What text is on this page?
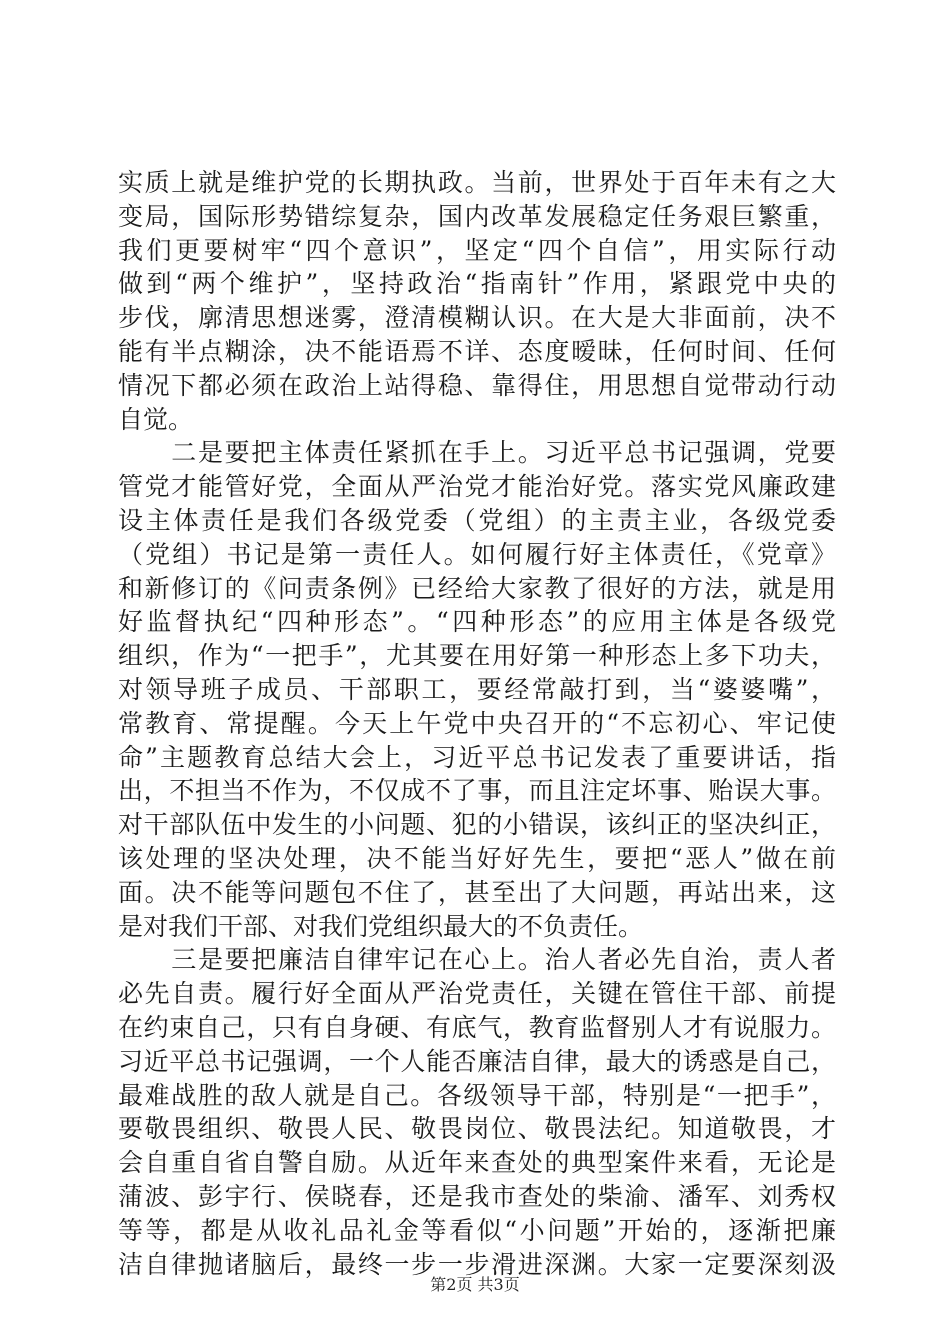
实质上就是维护党的长期执政。当前，世界处于百年未有之大
变局，国际形势错综复杂，国内改革发展稳定任务艰巨繁重，
我们更要树牢“四个意识”，坚定“四个自信”，用实际行动
做到“两个维护”，坚持政治“指南针”作用，紧跟党中央的
步伐，廓清思想迷雾，澄清模糊认识。在大是大非面前，决不
能有半点糊涂，决不能语焉不详、态度暧昧，任何时间、任何
情况下都必须在政治上站得稳、靠得住，用思想自觉带动行动
自觉。
　　二是要把主体责任紧抓在手上。习近平总书记强调，党要
管党才能管好党，全面从严治党才能治好党。落实党风廉政建
设主体责任是我们各级党委（党组）的主责主业，各级党委
（党组）书记是第一责任人。如何履行好主体责任，《党章》
和新修订的《问责条例》已经给大家教了很好的方法，就是用
好监督执纪“四种形态”。“四种形态”的应用主体是各级党
组织，作为“一把手”，尤其要在用好第一种形态上多下功夫，
对领导班子成员、干部职工，要经常敲打到，当“婆婆嘴”，
常教育、常提醒。今天上午党中央召开的“不忘初心、牢记使
命”主题教育总结大会上，习近平总书记发表了重要讲话，指
出，不担当不作为，不仅成不了事，而且注定坏事、贻误大事。
对干部队伍中发生的小问题、犯的小错误，该纠正的坚决纠正，
该处理的坚决处理，决不能当好好先生，要把“恶人”做在前
面。决不能等问题包不住了，甚至出了大问题，再站出来，这
是对我们干部、对我们党组织最大的不负责任。
　　三是要把廉洁自律牢记在心上。治人者必先自治，责人者
必先自责。履行好全面从严治党责任，关键在管住干部、前提
在约束自己，只有自身硬、有底气，教育监督别人才有说服力。
习近平总书记强调，一个人能否廉洁自律，最大的诱惑是自己，
最难战胜的敌人就是自己。各级领导干部，特别是“一把手”，
要敬畏组织、敬畏人民、敬畏岗位、敬畏法纪。知道敬畏，才
会自重自省自警自励。从近年来查处的典型案件来看，无论是
蒲波、彭宇行、侯晓春，还是我市查处的柴渝、潘军、刘秀权
等等，都是从收礼品礼金等看似“小问题”开始的，逐渐把廉
洁自律抛诸脑后，最终一步一步滑进深渊。大家一定要深刻汲
第2页 共3页
